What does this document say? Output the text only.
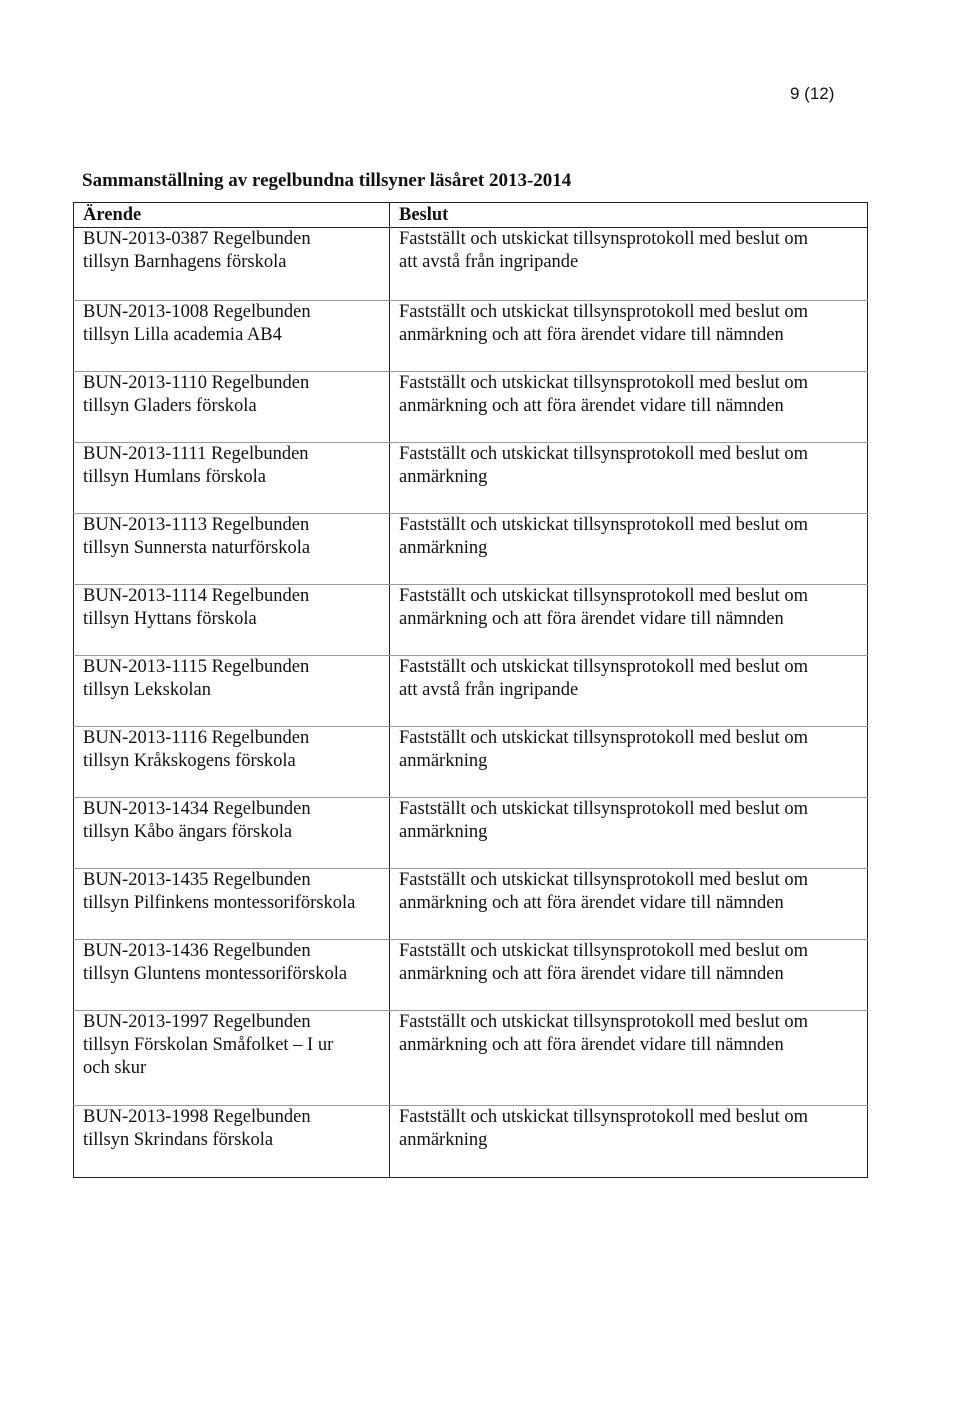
9 (12)
Sammanställning av regelbundna tillsyner läsåret 2013-2014
Ärende	Beslut

BUN-2013-0387 Regelbunden
tillsyn Barnhagens förskola	Fastställt och utskickat tillsynsprotokoll med beslut om
att avstå från ingripande

BUN-2013-1008 Regelbunden
tillsyn Lilla academia AB4	Fastställt och utskickat tillsynsprotokoll med beslut om
anmärkning och att föra ärendet vidare till nämnden

BUN-2013-1110 Regelbunden
tillsyn Gladers förskola	Fastställt och utskickat tillsynsprotokoll med beslut om
anmärkning och att föra ärendet vidare till nämnden

BUN-2013-1111 Regelbunden
tillsyn Humlans förskola	Fastställt och utskickat tillsynsprotokoll med beslut om
anmärkning

BUN-2013-1113 Regelbunden
tillsyn Sunnersta naturförskola	Fastställt och utskickat tillsynsprotokoll med beslut om
anmärkning

BUN-2013-1114 Regelbunden
tillsyn Hyttans förskola	Fastställt och utskickat tillsynsprotokoll med beslut om
anmärkning och att föra ärendet vidare till nämnden

BUN-2013-1115 Regelbunden
tillsyn Lekskolan	Fastställt och utskickat tillsynsprotokoll med beslut om
att avstå från ingripande

BUN-2013-1116 Regelbunden
tillsyn Kråkskogens förskola	Fastställt och utskickat tillsynsprotokoll med beslut om
anmärkning

BUN-2013-1434 Regelbunden
tillsyn Kåbo ängars förskola	Fastställt och utskickat tillsynsprotokoll med beslut om
anmärkning

BUN-2013-1435 Regelbunden
tillsyn Pilfinkens montessoriförskola	Fastställt och utskickat tillsynsprotokoll med beslut om
anmärkning och att föra ärendet vidare till nämnden

BUN-2013-1436 Regelbunden
tillsyn Gluntens montessoriförskola	Fastställt och utskickat tillsynsprotokoll med beslut om
anmärkning och att föra ärendet vidare till nämnden

BUN-2013-1997 Regelbunden
tillsyn Förskolan Småfolket – I ur
och skur	Fastställt och utskickat tillsynsprotokoll med beslut om
anmärkning och att föra ärendet vidare till nämnden

BUN-2013-1998 Regelbunden
tillsyn Skrindans förskola	Fastställt och utskickat tillsynsprotokoll med beslut om
anmärkning
